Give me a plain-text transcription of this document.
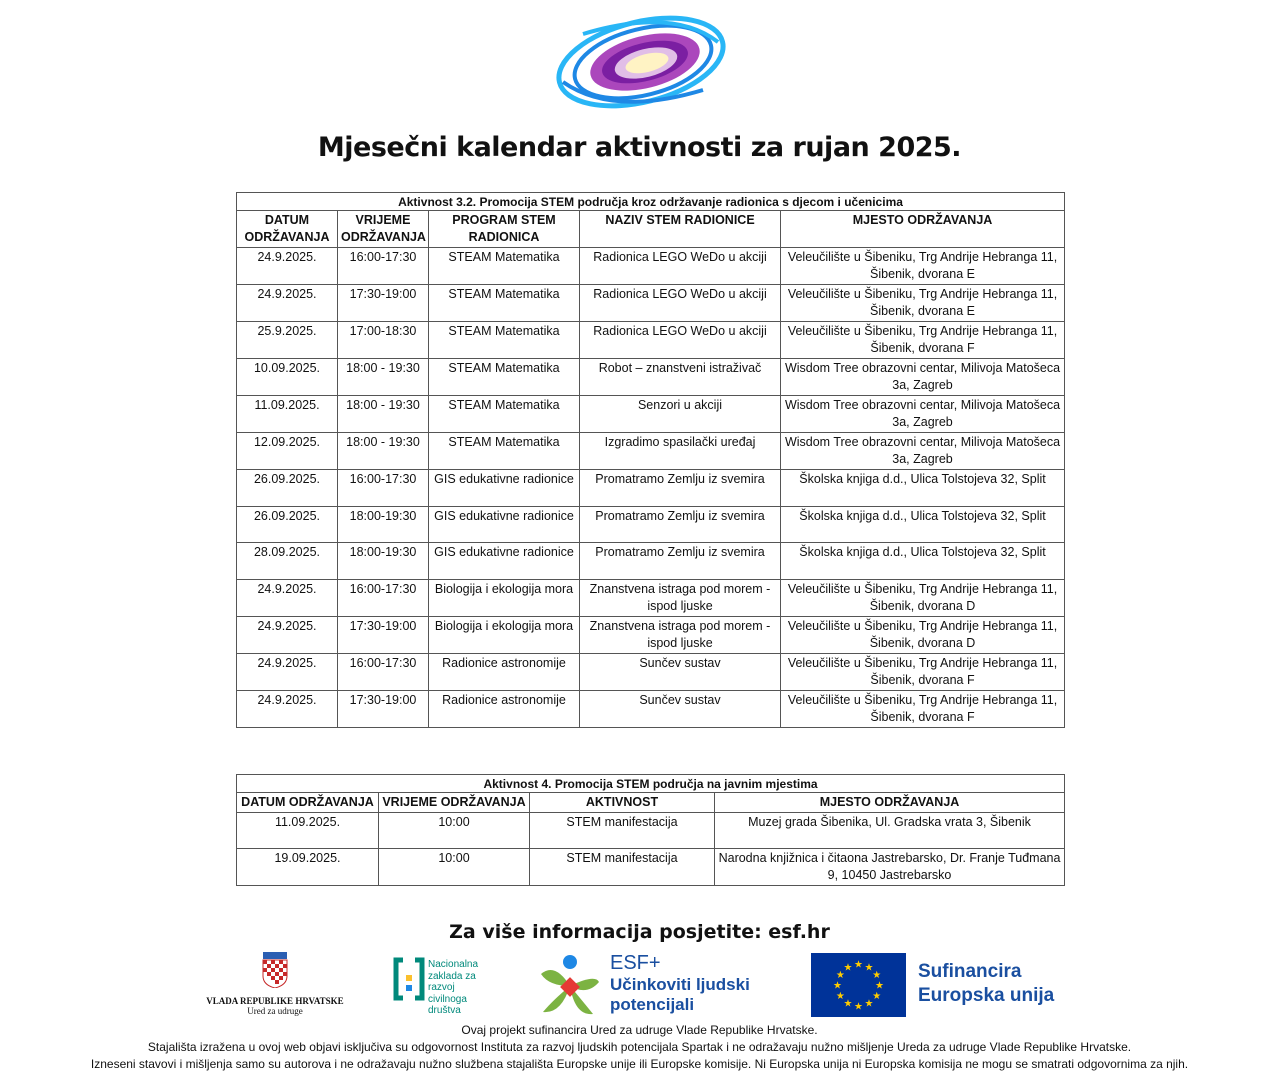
Mjesečni kalendar aktivnosti za rujan 2025.
Aktivnost 3.2. Promocija STEM područja kroz održavanje radionica s djecom i učenicima				
DATUM ODRŽAVANJA	VRIJEME ODRŽAVANJA	PROGRAM STEM RADIONICA	NAZIV STEM RADIONICE	MJESTO ODRŽAVANJA
24.9.2025.	16:00-17:30	STEAM Matematika	Radionica LEGO WeDo u akciji	Veleučilište u Šibeniku, Trg Andrije Hebranga 11, Šibenik, dvorana E
24.9.2025.	17:30-19:00	STEAM Matematika	Radionica LEGO WeDo u akciji	Veleučilište u Šibeniku, Trg Andrije Hebranga 11, Šibenik, dvorana E
25.9.2025.	17:00-18:30	STEAM Matematika	Radionica LEGO WeDo u akciji	Veleučilište u Šibeniku, Trg Andrije Hebranga 11, Šibenik, dvorana F
10.09.2025.	18:00 - 19:30	STEAM Matematika	Robot – znanstveni istraživač	Wisdom Tree obrazovni centar, Milivoja Matošeca 3a, Zagreb
11.09.2025.	18:00 - 19:30	STEAM Matematika	Senzori u akciji	Wisdom Tree obrazovni centar, Milivoja Matošeca 3a, Zagreb
12.09.2025.	18:00 - 19:30	STEAM Matematika	Izgradimo spasilački uređaj	Wisdom Tree obrazovni centar, Milivoja Matošeca 3a, Zagreb
26.09.2025.	16:00-17:30	GIS edukativne radionice	Promatramo Zemlju iz svemira	Školska knjiga d.d., Ulica Tolstojeva 32, Split
26.09.2025.	18:00-19:30	GIS edukativne radionice	Promatramo Zemlju iz svemira	Školska knjiga d.d., Ulica Tolstojeva 32, Split
28.09.2025.	18:00-19:30	GIS edukativne radionice	Promatramo Zemlju iz svemira	Školska knjiga d.d., Ulica Tolstojeva 32, Split
24.9.2025.	16:00-17:30	Biologija i ekologija mora	Znanstvena istraga pod morem - ispod ljuske	Veleučilište u Šibeniku, Trg Andrije Hebranga 11, Šibenik, dvorana D
24.9.2025.	17:30-19:00	Biologija i ekologija mora	Znanstvena istraga pod morem - ispod ljuske	Veleučilište u Šibeniku, Trg Andrije Hebranga 11, Šibenik, dvorana D
24.9.2025.	16:00-17:30	Radionice astronomije	Sunčev sustav	Veleučilište u Šibeniku, Trg Andrije Hebranga 11, Šibenik, dvorana F
24.9.2025.	17:30-19:00	Radionice astronomije	Sunčev sustav	Veleučilište u Šibeniku, Trg Andrije Hebranga 11, Šibenik, dvorana F
Aktivnost 4. Promocija STEM područja na javnim mjestima			
DATUM ODRŽAVANJA	VRIJEME ODRŽAVANJA	AKTIVNOST	MJESTO ODRŽAVANJA
11.09.2025.	10:00	STEM manifestacija	Muzej grada Šibenika, Ul. Gradska vrata 3, Šibenik
19.09.2025.	10:00	STEM manifestacija	Narodna knjižnica i čitaona Jastrebarsko, Dr. Franje Tuđmana 9, 10450 Jastrebarsko
Za više informacija posjetite: esf.hr
VLADA REPUBLIKE HRVATSKE
Ured za udruge
Nacionalna
zaklada za
razvoj
civilnoga
društva
ESF+
Učinkoviti ljudski
potencijali
★ ★
★
★
★
★
★
★
★
★
★
★	Sufinancira
Europska unija
Ovaj projekt sufinancira Ured za udruge Vlade Republike Hrvatske.
Stajališta izražena u ovoj web objavi isključiva su odgovornost Instituta za razvoj ljudskih potencijala Spartak i ne odražavaju nužno mišljenje Ureda za udruge Vlade Republike Hrvatske.
Izneseni stavovi i mišljenja samo su autorova i ne odražavaju nužno službena stajališta Europske unije ili Europske komisije. Ni Europska unija ni Europska komisija ne mogu se smatrati odgovornima za njih.
